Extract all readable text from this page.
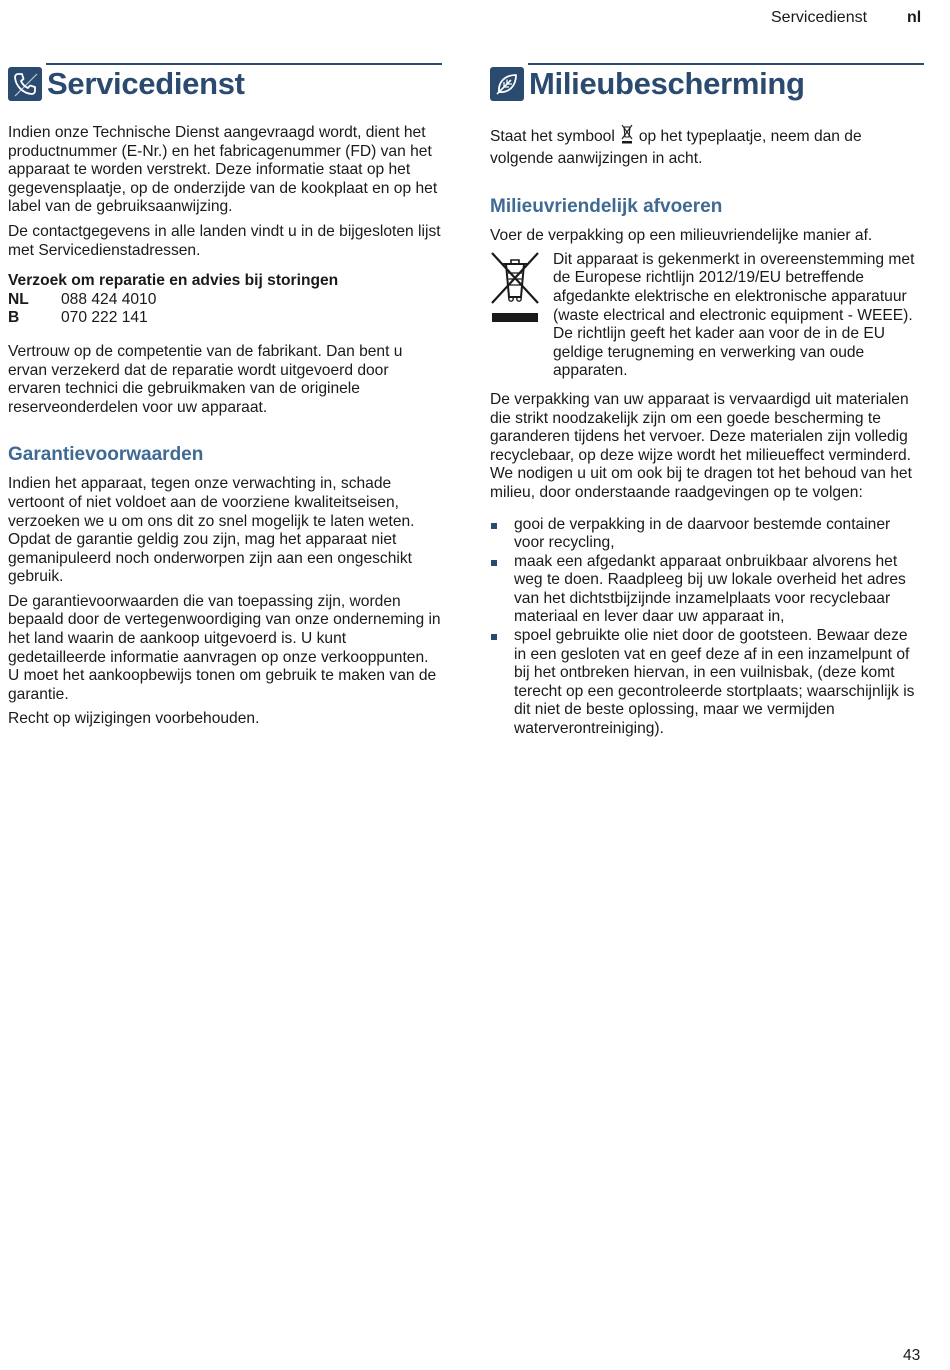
Servicedienst nl
Servicedienst

Indien onze Technische Dienst aangevraagd wordt, dient het productnummer (E-Nr.) en het fabricagenummer (FD) van het apparaat te worden verstrekt. Deze informatie staat op het gegevensplaatje, op de onderzijde van de kookplaat en op het label van de gebruiksaanwijzing.

De contactgegevens in alle landen vindt u in de bijgesloten lijst met Servicedienstadressen.

Verzoek om reparatie en advies bij storingen

NL	088 424 4010
B	070 222 141

Vertrouw op de competentie van de fabrikant. Dan bent u ervan verzekerd dat de reparatie wordt uitgevoerd door ervaren technici die gebruikmaken van de originele reserveonderdelen voor uw apparaat.

Garantievoorwaarden

Indien het apparaat, tegen onze verwachting in, schade vertoont of niet voldoet aan de voorziene kwaliteitseisen, verzoeken we u om ons dit zo snel mogelijk te laten weten. Opdat de garantie geldig zou zijn, mag het apparaat niet gemanipuleerd noch onderworpen zijn aan een ongeschikt gebruik.

De garantievoorwaarden die van toepassing zijn, worden bepaald door de vertegenwoordiging van onze onderneming in het land waarin de aankoop uitgevoerd is. U kunt gedetailleerde informatie aanvragen op onze verkooppunten. U moet het aankoopbewijs tonen om gebruik te maken van de garantie.

Recht op wijzigingen voorbehouden.

Milieubescherming

Staat het symbool op het typeplaatje, neem dan de volgende aanwijzingen in acht.

Milieuvriendelijk afvoeren

Voer de verpakking op een milieuvriendelijke manier af.

Dit apparaat is gekenmerkt in overeenstemming met de Europese richtlijn 2012/19/EU betreffende afgedankte elektrische en elektronische apparatuur (waste electrical and electronic equipment - WEEE). De richtlijn geeft het kader aan voor de in de EU geldige terugneming en verwerking van oude apparaten.

De verpakking van uw apparaat is vervaardigd uit materialen die strikt noodzakelijk zijn om een goede bescherming te garanderen tijdens het vervoer. Deze materialen zijn volledig recyclebaar, op deze wijze wordt het milieueffect verminderd. We nodigen u uit om ook bij te dragen tot het behoud van het milieu, door onderstaande raadgevingen op te volgen:

gooi de verpakking in de daarvoor bestemde container voor recycling,
maak een afgedankt apparaat onbruikbaar alvorens het weg te doen. Raadpleeg bij uw lokale overheid het adres van het dichtstbijzijnde inzamelplaats voor recyclebaar materiaal en lever daar uw apparaat in,
spoel gebruikte olie niet door de gootsteen. Bewaar deze in een gesloten vat en geef deze af in een inzamelpunt of bij het ontbreken hiervan, in een vuilnisbak, (deze komt terecht op een gecontroleerde stortplaats; waarschijnlijk is dit niet de beste oplossing, maar we vermijden waterverontreiniging).
43
